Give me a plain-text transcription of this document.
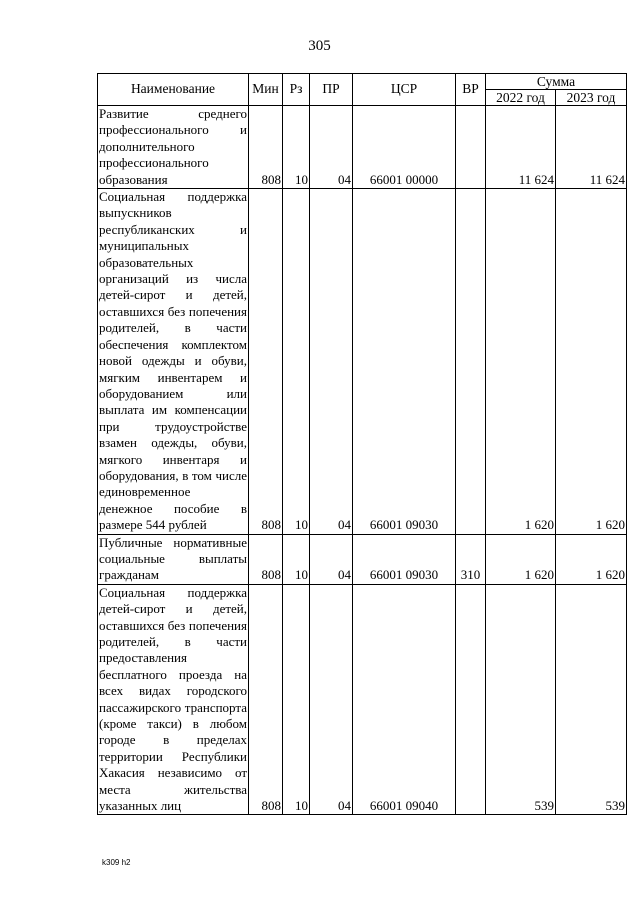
305
Наименование	Мин	Рз	ПР	ЦСР	ВР	Сумма	
						2022 год	2023 год
Развитие среднего профессионального и дополнительного профессионального образования	808	10	04	66001 00000		11 624	11 624
Социальная поддержка выпускников республиканских и муниципальных образовательных организаций из числа детей-сирот и детей, оставшихся без попечения родителей, в части обеспечения комплектом новой одежды и обуви, мягким инвентарем и оборудованием или выплата им компенсации при трудоустройстве взамен одежды, обуви, мягкого инвентаря и оборудования, в том числе единовременное денежное пособие в размере 544 рублей	808	10	04	66001 09030		1 620	1 620
Публичные нормативные социальные выплаты гражданам	808	10	04	66001 09030	310	1 620	1 620
Социальная поддержка детей-сирот и детей, оставшихся без попечения родителей, в части предоставления бесплатного проезда на всех видах городского пассажирского транспорта (кроме такси) в любом городе в пределах территории Республики Хакасия независимо от места жительства указанных лиц	808	10	04	66001 09040		539	539
k309 h2
